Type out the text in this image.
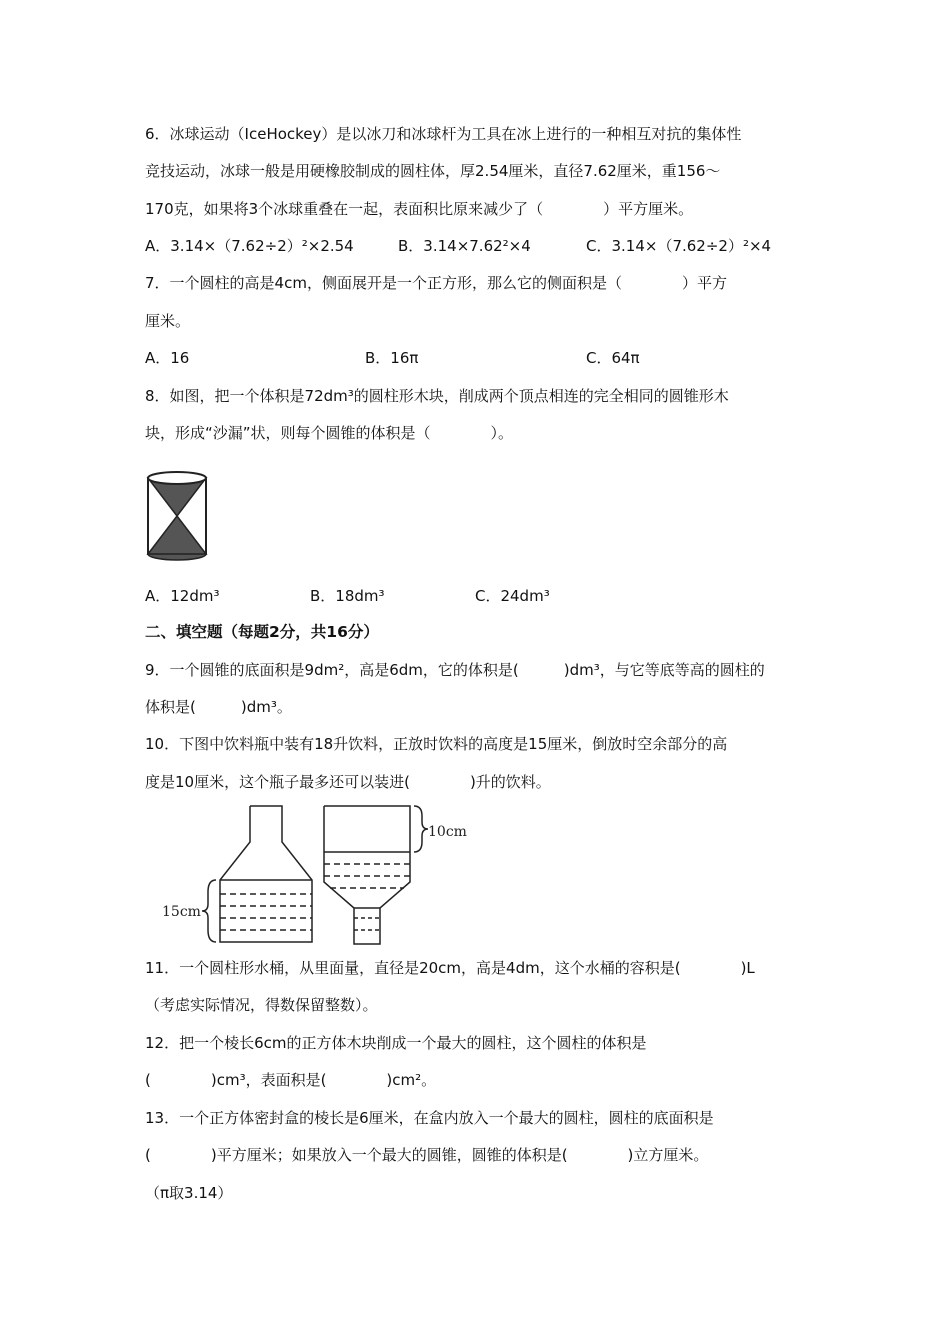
6．冰球运动（IceHockey）是以冰刀和冰球杆为工具在冰上进行的一种相互对抗的集体性
竞技运动，冰球一般是用硬橡胶制成的圆柱体，厚2.54厘米，直径7.62厘米，重156～
170克，如果将3个冰球重叠在一起，表面积比原来减少了（　　　　）平方厘米。
A．3.14×（7.62÷2）²×2.54	B．3.14×7.62²×4	C．3.14×（7.62÷2）²×4
7．一个圆柱的高是4cm，侧面展开是一个正方形，那么它的侧面积是（　　　　）平方
厘米。
A．16	B．16π	C．64π
8．如图，把一个体积是72dm³的圆柱形木块，削成两个顶点相连的完全相同的圆锥形木
块，形成“沙漏”状，则每个圆锥的体积是（　　　　）。
A．12dm³	B．18dm³	C．24dm³
二、填空题（每题2分，共16分）
9．一个圆锥的底面积是9dm²，高是6dm，它的体积是(　　　)dm³，与它等底等高的圆柱的
体积是(　　　)dm³。
10．下图中饮料瓶中装有18升饮料，正放时饮料的高度是15厘米，倒放时空余部分的高
度是10厘米，这个瓶子最多还可以装进(　　　　)升的饮料。
15cm
10cm
11．一个圆柱形水桶，从里面量，直径是20cm，高是4dm，这个水桶的容积是(　　　　)L
（考虑实际情况，得数保留整数）。
12．把一个棱长6cm的正方体木块削成一个最大的圆柱，这个圆柱的体积是
(　　　　)cm³，表面积是(　　　　)cm²。
13．一个正方体密封盒的棱长是6厘米，在盒内放入一个最大的圆柱，圆柱的底面积是
(　　　　)平方厘米；如果放入一个最大的圆锥，圆锥的体积是(　　　　)立方厘米。
（π取3.14）
